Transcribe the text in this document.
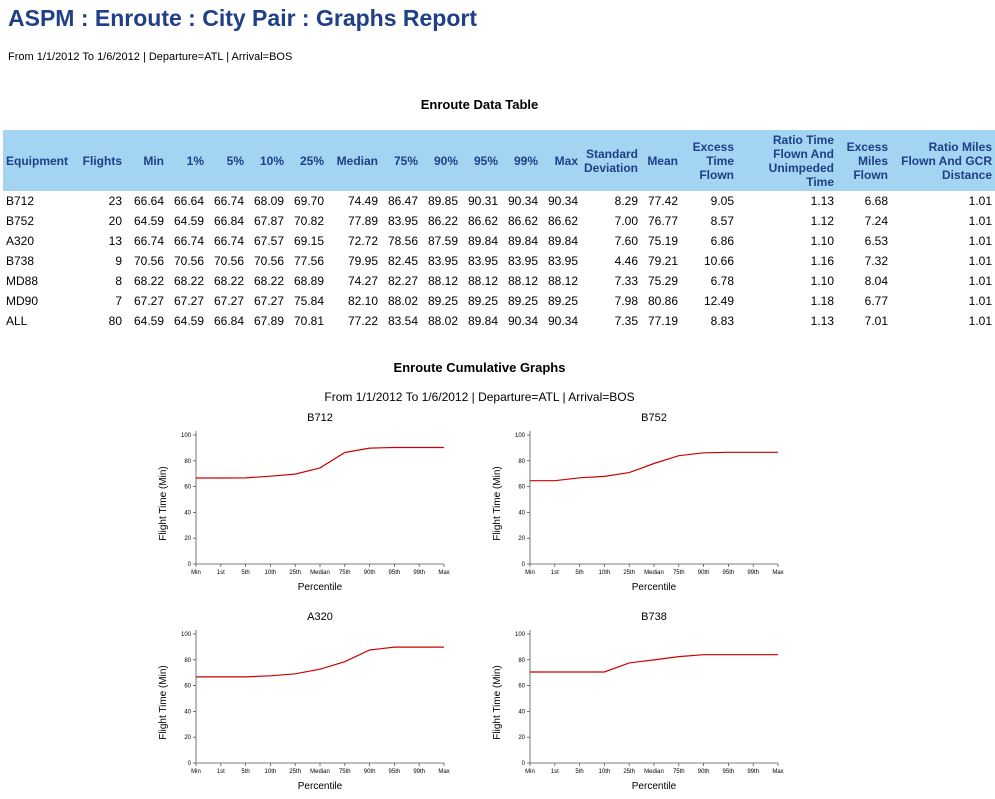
ASPM : Enroute : City Pair : Graphs Report
From 1/1/2012 To 1/6/2012 | Departure=ATL | Arrival=BOS
Enroute Data Table
Equipment	Flights	Min	1%	5%	10%	25%	Median	75%	90%	95%	99%	Max	Standard Deviation	Mean	Excess Time Flown	Ratio Time Flown And Unimpeded Time	Excess Miles Flown	Ratio Miles Flown And GCR Distance
B712	23	66.64	66.64	66.74	68.09	69.70	74.49	86.47	89.85	90.31	90.34	90.34	8.29	77.42	9.05	1.13	6.68	1.01
B752	20	64.59	64.59	66.84	67.87	70.82	77.89	83.95	86.22	86.62	86.62	86.62	7.00	76.77	8.57	1.12	7.24	1.01
A320	13	66.74	66.74	66.74	67.57	69.15	72.72	78.56	87.59	89.84	89.84	89.84	7.60	75.19	6.86	1.10	6.53	1.01
B738	9	70.56	70.56	70.56	70.56	77.56	79.95	82.45	83.95	83.95	83.95	83.95	4.46	79.21	10.66	1.16	7.32	1.01
MD88	8	68.22	68.22	68.22	68.22	68.89	74.27	82.27	88.12	88.12	88.12	88.12	7.33	75.29	6.78	1.10	8.04	1.01
MD90	7	67.27	67.27	67.27	67.27	75.84	82.10	88.02	89.25	89.25	89.25	89.25	7.98	80.86	12.49	1.18	6.77	1.01
ALL	80	64.59	64.59	66.84	67.89	70.81	77.22	83.54	88.02	89.84	90.34	90.34	7.35	77.19	8.83	1.13	7.01	1.01
Enroute Cumulative Graphs
From 1/1/2012 To 1/6/2012 | Departure=ATL | Arrival=BOS
B712
0
20
40
60
80
100
Min	1st	5th 10th 25th Median 75th 90th 95th 99th Max
Percentile
Flight Time (Min)
B752
0
20
40
60
80
100
Min	1st	5th 10th 25th Median 75th 90th 95th 99th Max
Percentile
Flight Time (Min)
A320
0
20
40
60
80
100
Min	1st	5th 10th 25th Median 75th 90th 95th 99th Max
Percentile
Flight Time (Min)
B738
0
20
40
60
80
100
Min	1st	5th 10th 25th Median 75th 90th 95th 99th Max
Percentile
Flight Time (Min)
